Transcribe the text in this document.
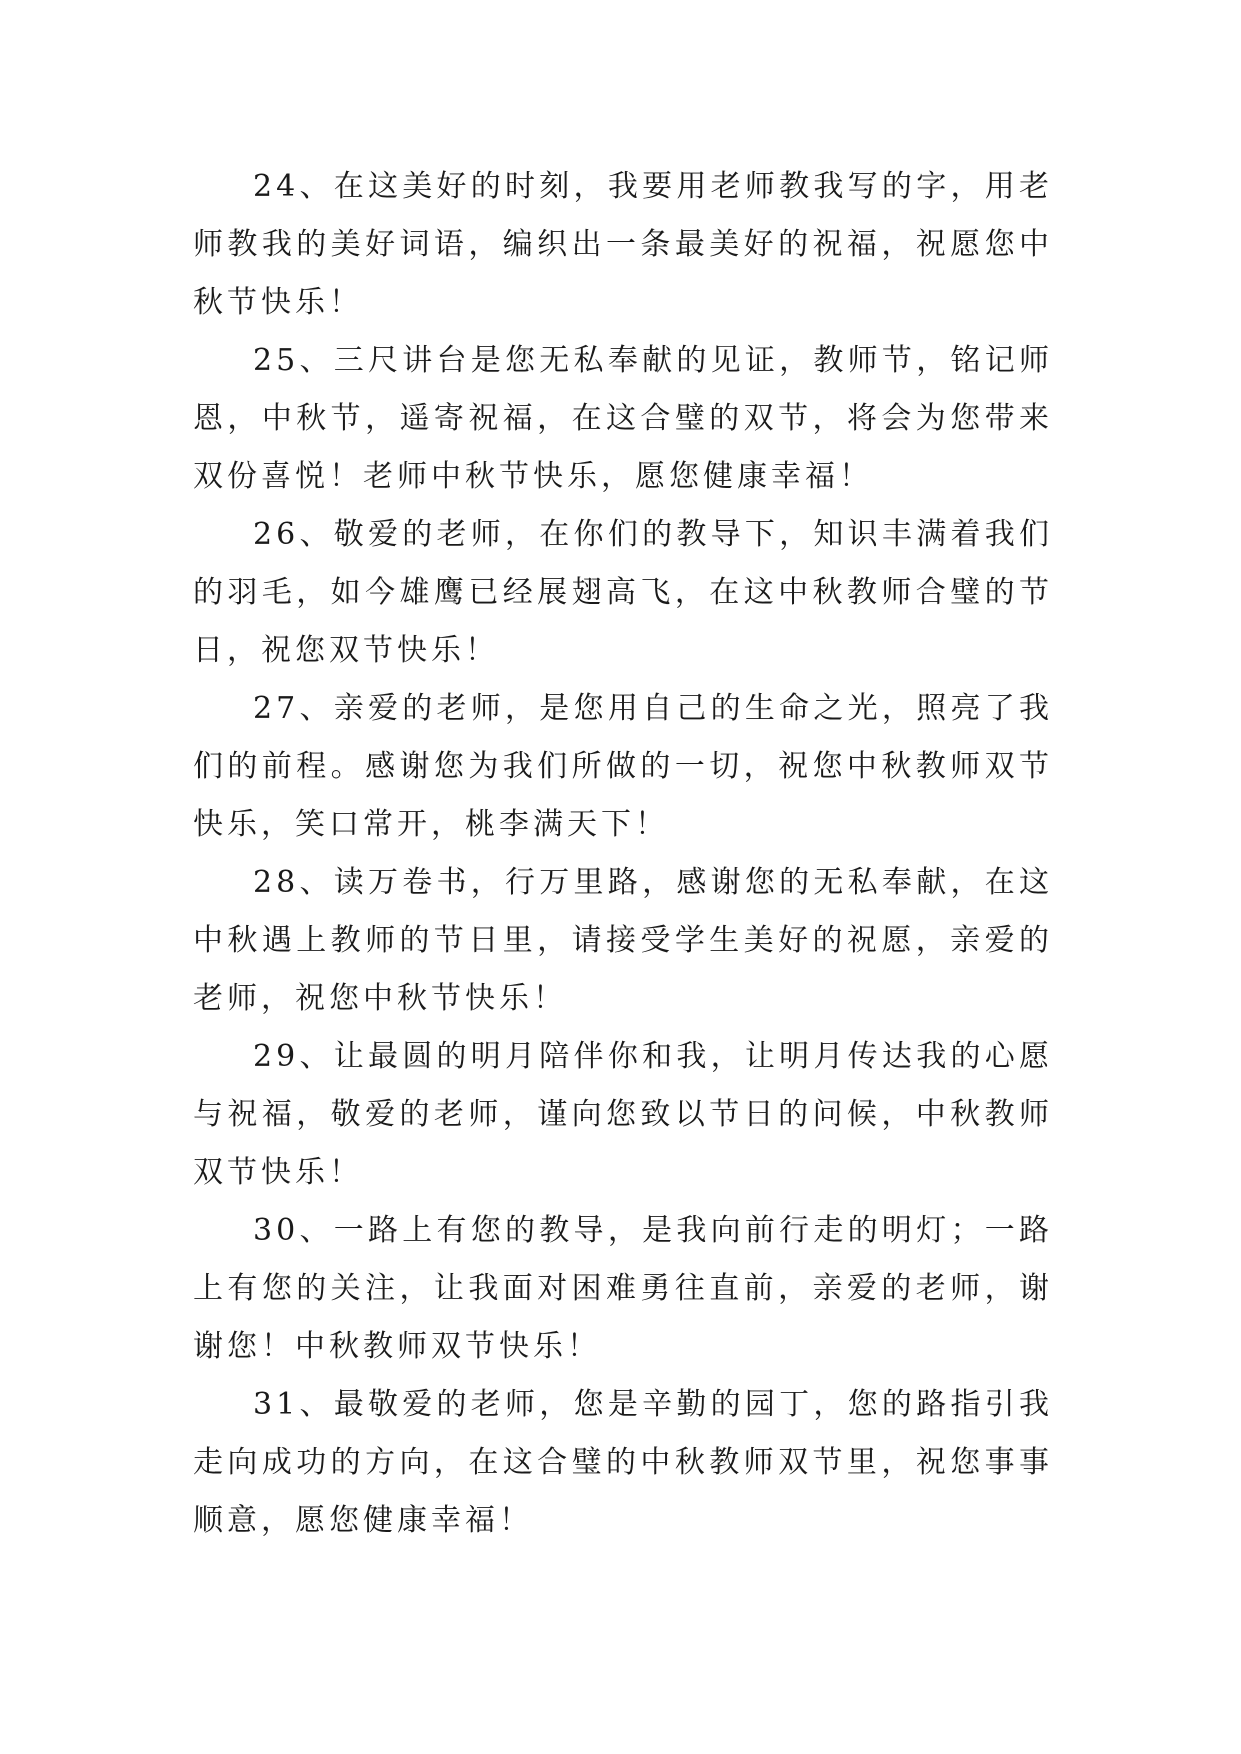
24、在这美好的时刻，我要用老师教我写的字，用老师教我的美好词语，编织出一条最美好的祝福，祝愿您中秋节快乐！

25、三尺讲台是您无私奉献的见证，教师节，铭记师恩，中秋节，遥寄祝福，在这合璧的双节，将会为您带来双份喜悦！老师中秋节快乐，愿您健康幸福！

26、敬爱的老师，在你们的教导下，知识丰满着我们的羽毛，如今雄鹰已经展翅高飞，在这中秋教师合璧的节日，祝您双节快乐！

27、亲爱的老师，是您用自己的生命之光，照亮了我们的前程。感谢您为我们所做的一切，祝您中秋教师双节快乐，笑口常开，桃李满天下！

28、读万卷书，行万里路，感谢您的无私奉献，在这中秋遇上教师的节日里，请接受学生美好的祝愿，亲爱的老师，祝您中秋节快乐！

29、让最圆的明月陪伴你和我，让明月传达我的心愿与祝福，敬爱的老师，谨向您致以节日的问候，中秋教师双节快乐！

30、一路上有您的教导，是我向前行走的明灯；一路上有您的关注，让我面对困难勇往直前，亲爱的老师，谢谢您！中秋教师双节快乐！

31、最敬爱的老师，您是辛勤的园丁，您的路指引我走向成功的方向，在这合璧的中秋教师双节里，祝您事事顺意，愿您健康幸福！
